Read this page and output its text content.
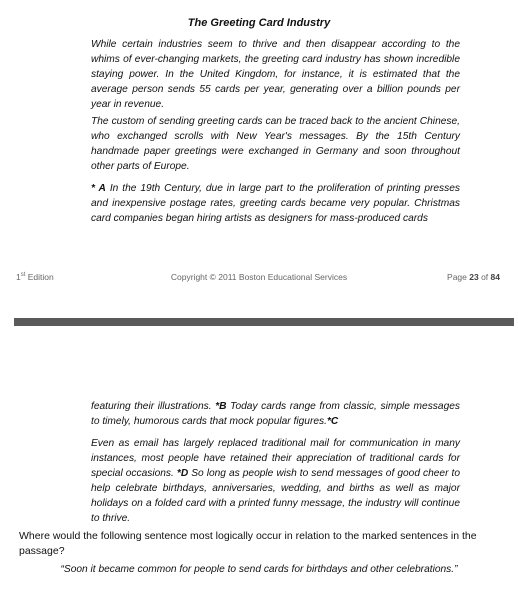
The Greeting Card Industry

While certain industries seem to thrive and then disappear according to the whims of ever-changing markets, the greeting card industry has shown incredible staying power. In the United Kingdom, for instance, it is estimated that the average person sends 55 cards per year, generating over a billion pounds per year in revenue.

The custom of sending greeting cards can be traced back to the ancient Chinese, who exchanged scrolls with New Year's messages. By the 15th Century handmade paper greetings were exchanged in Germany and soon throughout other parts of Europe.

* A In the 19th Century, due in large part to the proliferation of printing presses and inexpensive postage rates, greeting cards became very popular. Christmas card companies began hiring artists as designers for mass-produced cards

1st Edition	Copyright © 2011 Boston Educational Services	Page 23 of 84

featuring their illustrations. *B Today cards range from classic, simple messages to timely, humorous cards that mock popular figures.*C

Even as email has largely replaced traditional mail for communication in many instances, most people have retained their appreciation of traditional cards for special occasions. *D So long as people wish to send messages of good cheer to help celebrate birthdays, anniversaries, wedding, and births as well as major holidays on a folded card with a printed funny message, the industry will continue to thrive.

Where would the following sentence most logically occur in relation to the marked sentences in the passage?

“Soon it became common for people to send cards for birthdays and other celebrations.”
